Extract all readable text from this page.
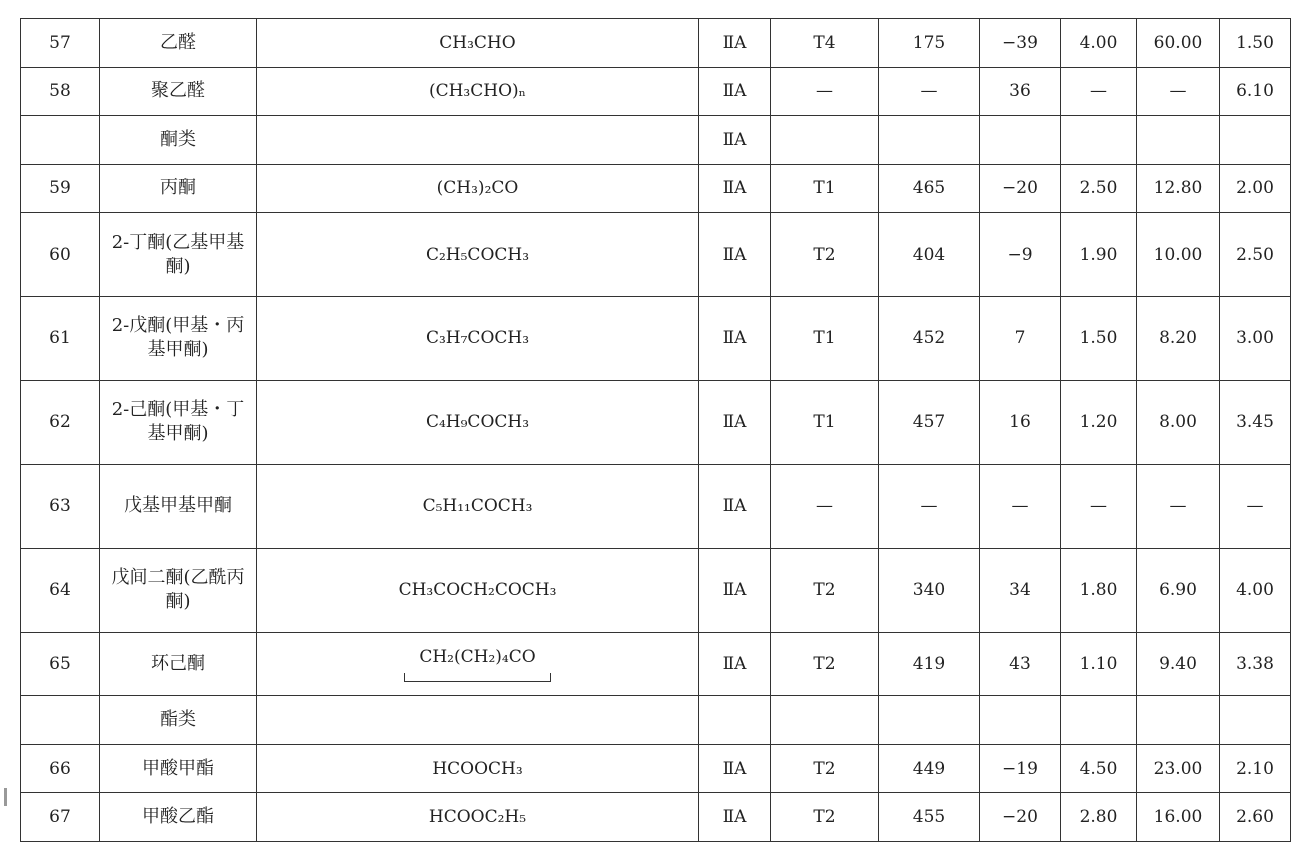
57	乙醛	CH₃CHO	ⅡA	T4	175	−39	4.00	60.00	1.50
58	聚乙醛	(CH₃CHO)ₙ	ⅡA	—	—	36	—	—	6.10
	酮类		ⅡA						
59	丙酮	(CH₃)₂CO	ⅡA	T1	465	−20	2.50	12.80	2.00
60	2-丁酮(乙基甲基酮)	C₂H₅COCH₃	ⅡA	T2	404	−9	1.90	10.00	2.50
61	2-戊酮(甲基・丙基甲酮)	C₃H₇COCH₃	ⅡA	T1	452	7	1.50	8.20	3.00
62	2-己酮(甲基・丁基甲酮)	C₄H₉COCH₃	ⅡA	T1	457	16	1.20	8.00	3.45
63	戊基甲基甲酮	C₅H₁₁COCH₃	ⅡA	—	—	—	—	—	—
64	戊间二酮(乙酰丙酮)	CH₃COCH₂COCH₃	ⅡA	T2	340	34	1.80	6.90	4.00
65	环己酮	CH₂(CH₂)₄CO	ⅡA	T2	419	43	1.10	9.40	3.38
	酯类								
66	甲酸甲酯	HCOOCH₃	ⅡA	T2	449	−19	4.50	23.00	2.10
67	甲酸乙酯	HCOOC₂H₅	ⅡA	T2	455	−20	2.80	16.00	2.60
